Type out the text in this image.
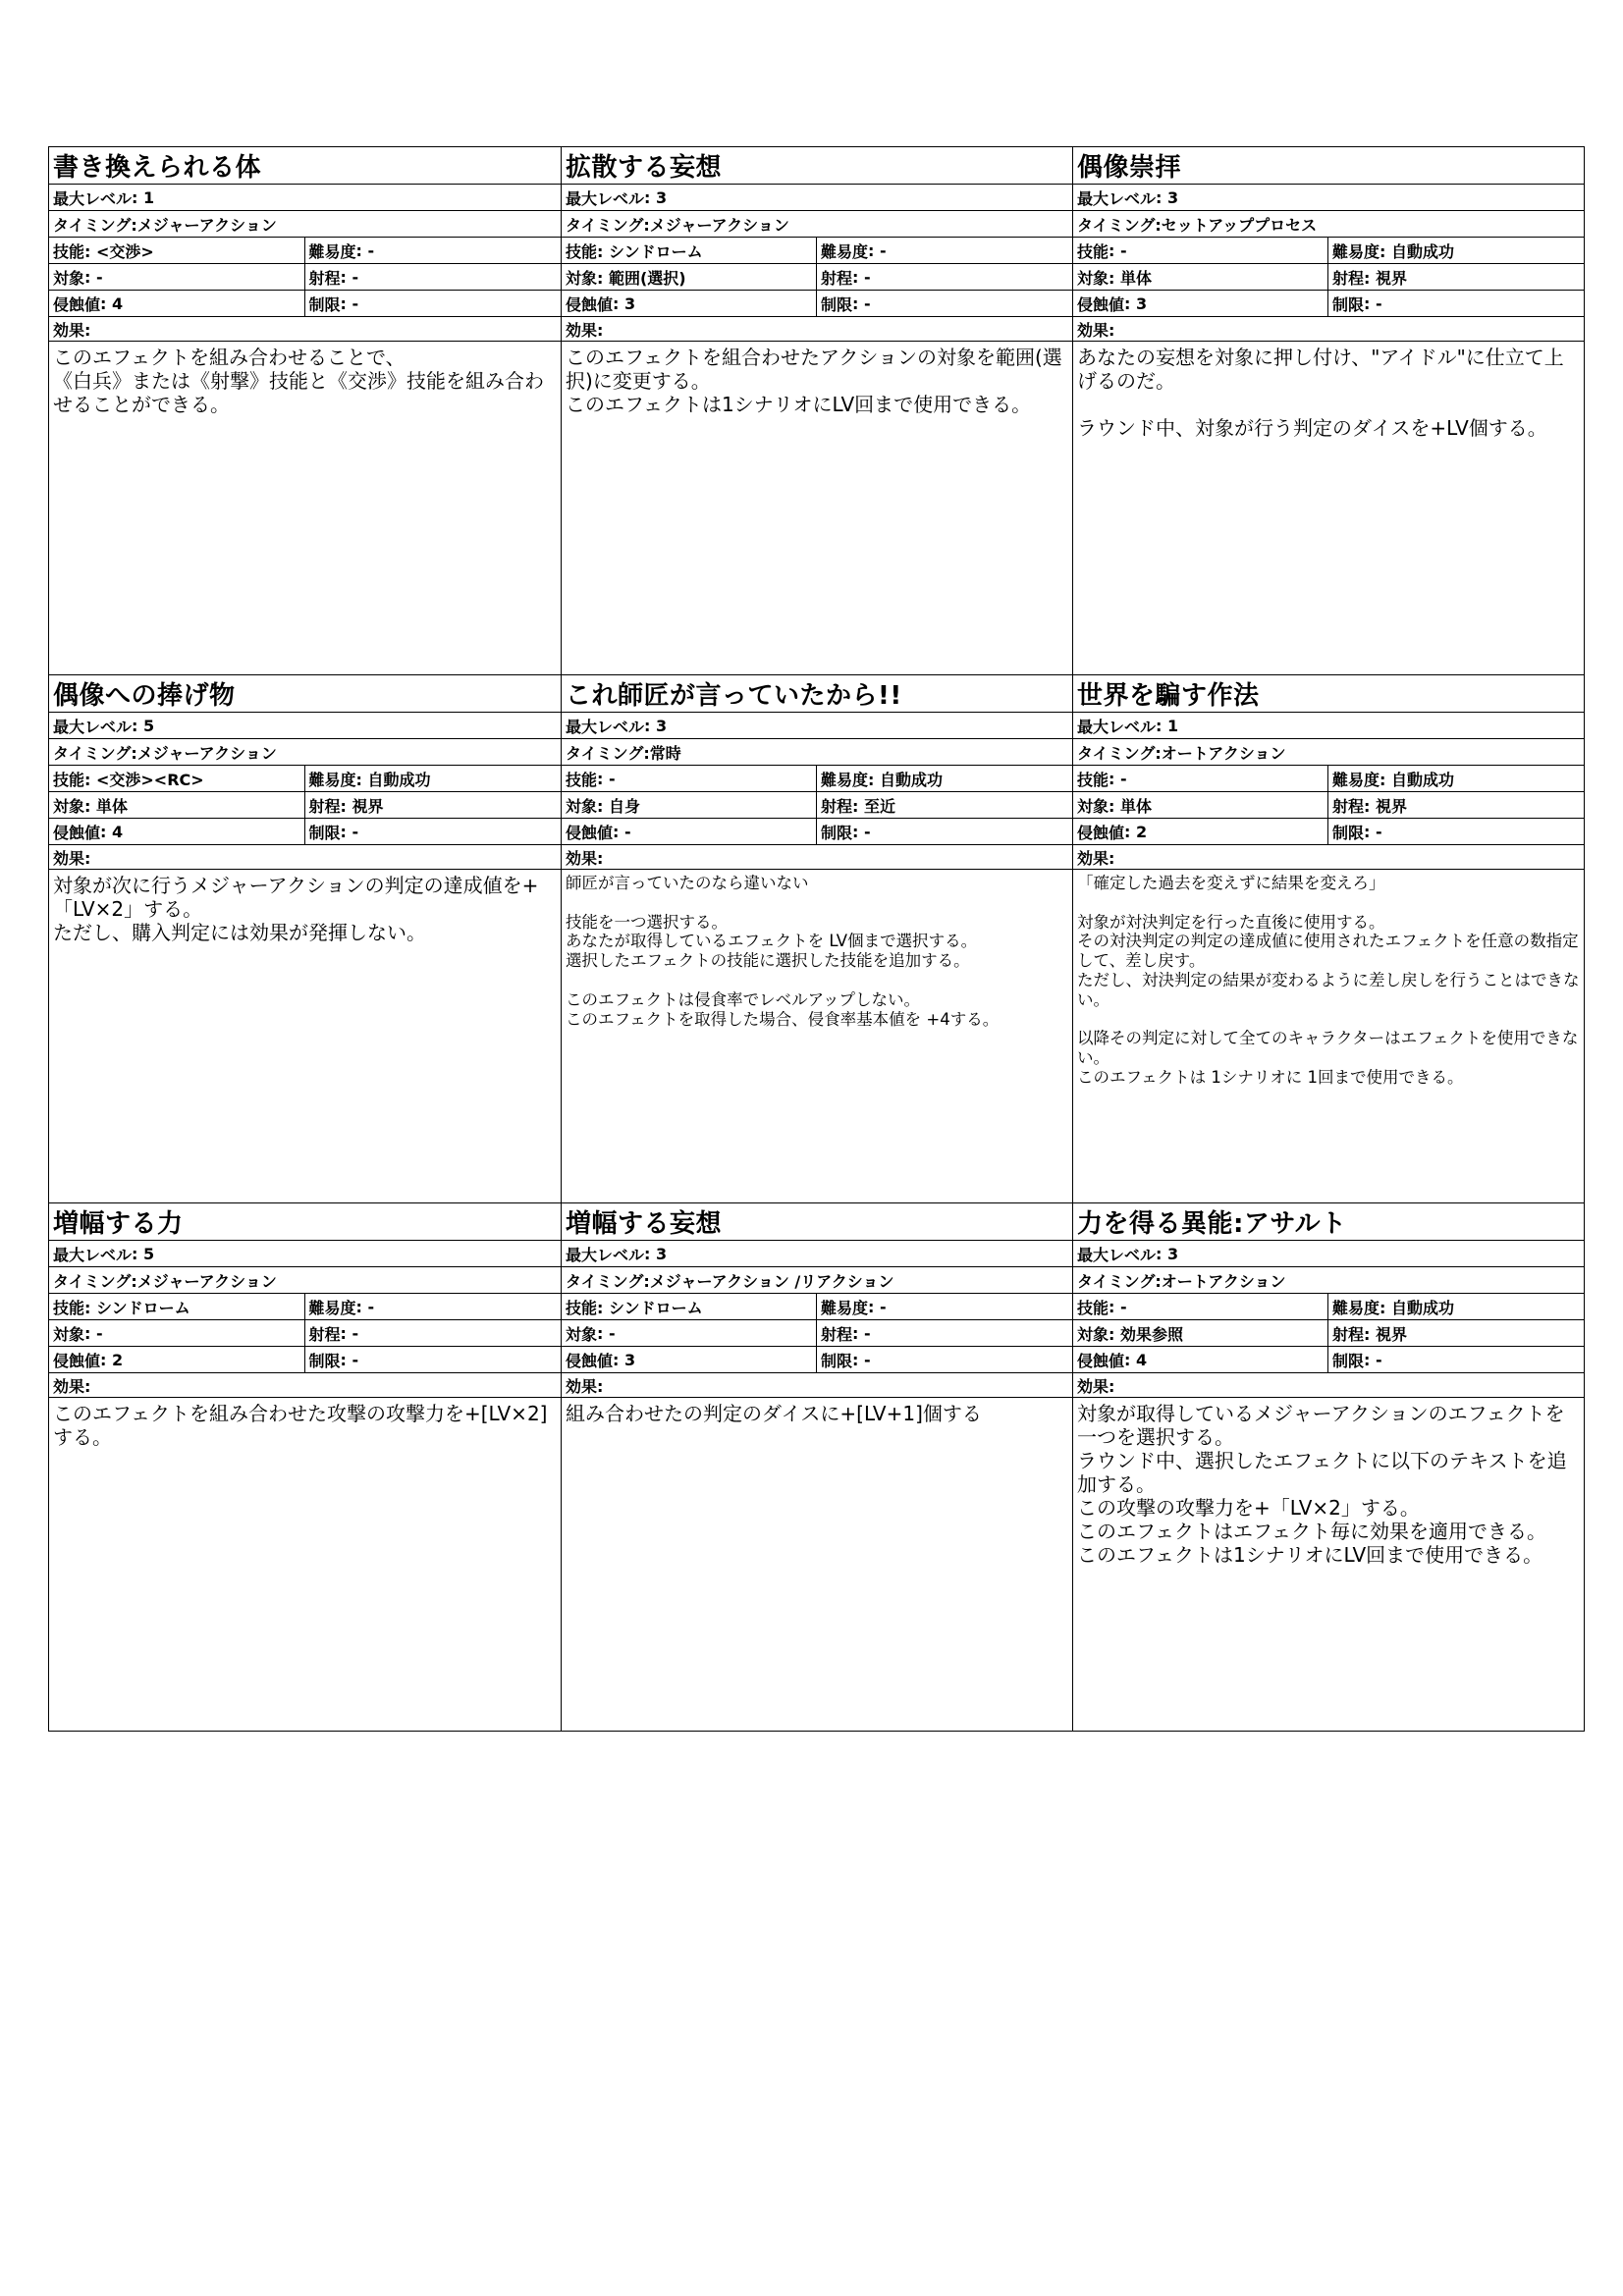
書き換えられる体
最大レベル : 1
タイミング :メジャーアクション
技能 : <交渉>	難易度 : -
対象 : -	射程 : -
侵蝕値 : 4	制限 : -
効果:
このエフェクトを組み合わせることで、
《白兵》または《射撃》技能と《交渉》技能を組み合わせることができる。
拡散する妄想
最大レベル : 3
タイミング :メジャーアクション
技能 : シンドローム	難易度 : -
対象 : 範囲(選択)	射程 : -
侵蝕値 : 3	制限 : -
効果:
このエフェクトを組合わせたアクションの対象を範囲(選択)に変更する。
このエフェクトは1シナリオにLV回まで使用できる。
偶像崇拝
最大レベル : 3
タイミング :セットアッププロセス
技能 : -	難易度 : 自動成功
対象 : 単体	射程 : 視界
侵蝕値 : 3	制限 : -
効果:
あなたの妄想を対象に押し付け、"アイドル"に仕立て上げるのだ。

ラウンド中、対象が行う判定のダイスを+LV個する。
偶像への捧げ物
最大レベル : 5
タイミング :メジャーアクション
技能 : <交渉><RC>	難易度 : 自動成功
対象 : 単体	射程 : 視界
侵蝕値 : 4	制限 : -
効果:
対象が次に行うメジャーアクションの判定の達成値を+「LV×2」する。
ただし、購入判定には効果が発揮しない。
これ師匠が言っていたから!!
最大レベル : 3
タイミング :常時
技能 : -	難易度 : 自動成功
対象 : 自身	射程 : 至近
侵蝕値 : -	制限 : -
効果:
師匠が言っていたのなら違いない

技能を一つ選択する。
あなたが取得しているエフェクトを LV個まで選択する。
選択したエフェクトの技能に選択した技能を追加する。

このエフェクトは侵食率でレベルアップしない。
このエフェクトを取得した場合、侵食率基本値を +4する。
世界を騙す作法
最大レベル : 1
タイミング :オートアクション
技能 : -	難易度 : 自動成功
対象 : 単体	射程 : 視界
侵蝕値 : 2	制限 : -
効果:
「確定した過去を変えずに結果を変えろ」

対象が対決判定を行った直後に使用する。
その対決判定の判定の達成値に使用されたエフェクトを任意の数指定して、差し戻す。
ただし、対決判定の結果が変わるように差し戻しを行うことはできない。

以降その判定に対して全てのキャラクターはエフェクトを使用できない。
このエフェクトは 1シナリオに 1回まで使用できる。
増幅する力
最大レベル : 5
タイミング :メジャーアクション
技能 : シンドローム	難易度 : -
対象 : -	射程 : -
侵蝕値 : 2	制限 : -
効果:
このエフェクトを組み合わせた攻撃の攻撃力を+[LV×2]する。
増幅する妄想
最大レベル : 3
タイミング :メジャーアクション /リアクション
技能 : シンドローム	難易度 : -
対象 : -	射程 : -
侵蝕値 : 3	制限 : -
効果:
組み合わせたの判定のダイスに+[LV+1]個する
力を得る異能:アサルト
最大レベル : 3
タイミング :オートアクション
技能 : -	難易度 : 自動成功
対象 : 効果参照	射程 : 視界
侵蝕値 : 4	制限 : -
効果:
対象が取得しているメジャーアクションのエフェクトを一つを選択する。
ラウンド中、選択したエフェクトに以下のテキストを追加する。
この攻撃の攻撃力を+「LV×2」する。
このエフェクトはエフェクト毎に効果を適用できる。
このエフェクトは1シナリオにLV回まで使用できる。
